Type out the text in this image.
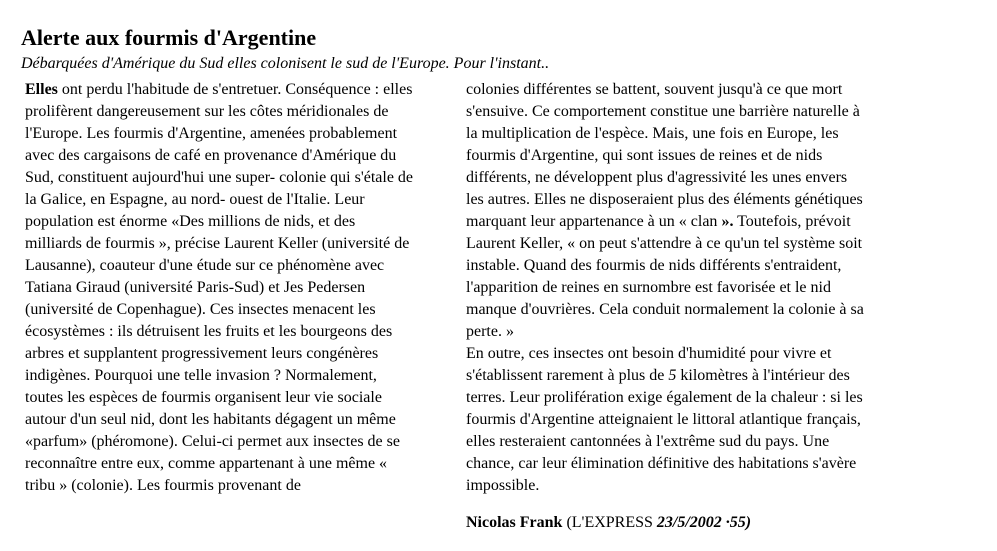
Alerte aux fourmis d'Argentine

Débarquées d'Amérique du Sud elles colonisent le sud de l'Europe. Pour l'instant..

Elles ont perdu l'habitude de s'entretuer. Conséquence : elles
prolifèrent dangereusement sur les côtes méridionales de
l'Europe. Les fourmis d'Argentine, amenées probablement
avec des cargaisons de café en provenance d'Amérique du
Sud, constituent aujourd'hui une super- colonie qui s'étale de
la Galice, en Espagne, au nord- ouest de l'Italie. Leur
population est énorme «Des millions de nids, et des
milliards de fourmis », précise Laurent Keller (université de
Lausanne), coauteur d'une étude sur ce phénomène avec
Tatiana Giraud (université Paris-Sud) et Jes Pedersen
(université de Copenhague). Ces insectes menacent les
écosystèmes : ils détruisent les fruits et les bourgeons des
arbres et supplantent progressivement leurs congénères
indigènes. Pourquoi une telle invasion ? Normalement,
toutes les espèces de fourmis organisent leur vie sociale
autour d'un seul nid, dont les habitants dégagent un même
«parfum» (phéromone). Celui-ci permet aux insectes de se
reconnaître entre eux, comme appartenant à une même «
tribu » (colonie). Les fourmis provenant de
colonies différentes se battent, souvent jusqu'à ce que mort
s'ensuive. Ce comportement constitue une barrière naturelle à
la multiplication de l'espèce. Mais, une fois en Europe, les
fourmis d'Argentine, qui sont issues de reines et de nids
différents, ne développent plus d'agressivité les unes envers
les autres. Elles ne disposeraient plus des éléments génétiques
marquant leur appartenance à un « clan ». Toutefois, prévoit
Laurent Keller, « on peut s'attendre à ce qu'un tel système soit
instable. Quand des fourmis de nids différents s'entraident,
l'apparition de reines en surnombre est favorisée et le nid
manque d'ouvrières. Cela conduit normalement la colonie à sa
perte. »
En outre, ces insectes ont besoin d'humidité pour vivre et
s'établissent rarement à plus de 5 kilomètres à l'intérieur des
terres. Leur prolifération exige également de la chaleur : si les
fourmis d'Argentine atteignaient le littoral atlantique français,
elles resteraient cantonnées à l'extrême sud du pays. Une
chance, car leur élimination définitive des habitations s'avère
impossible.
Nicolas Frank (L'EXPRESS 23/5/2002 ·55)
